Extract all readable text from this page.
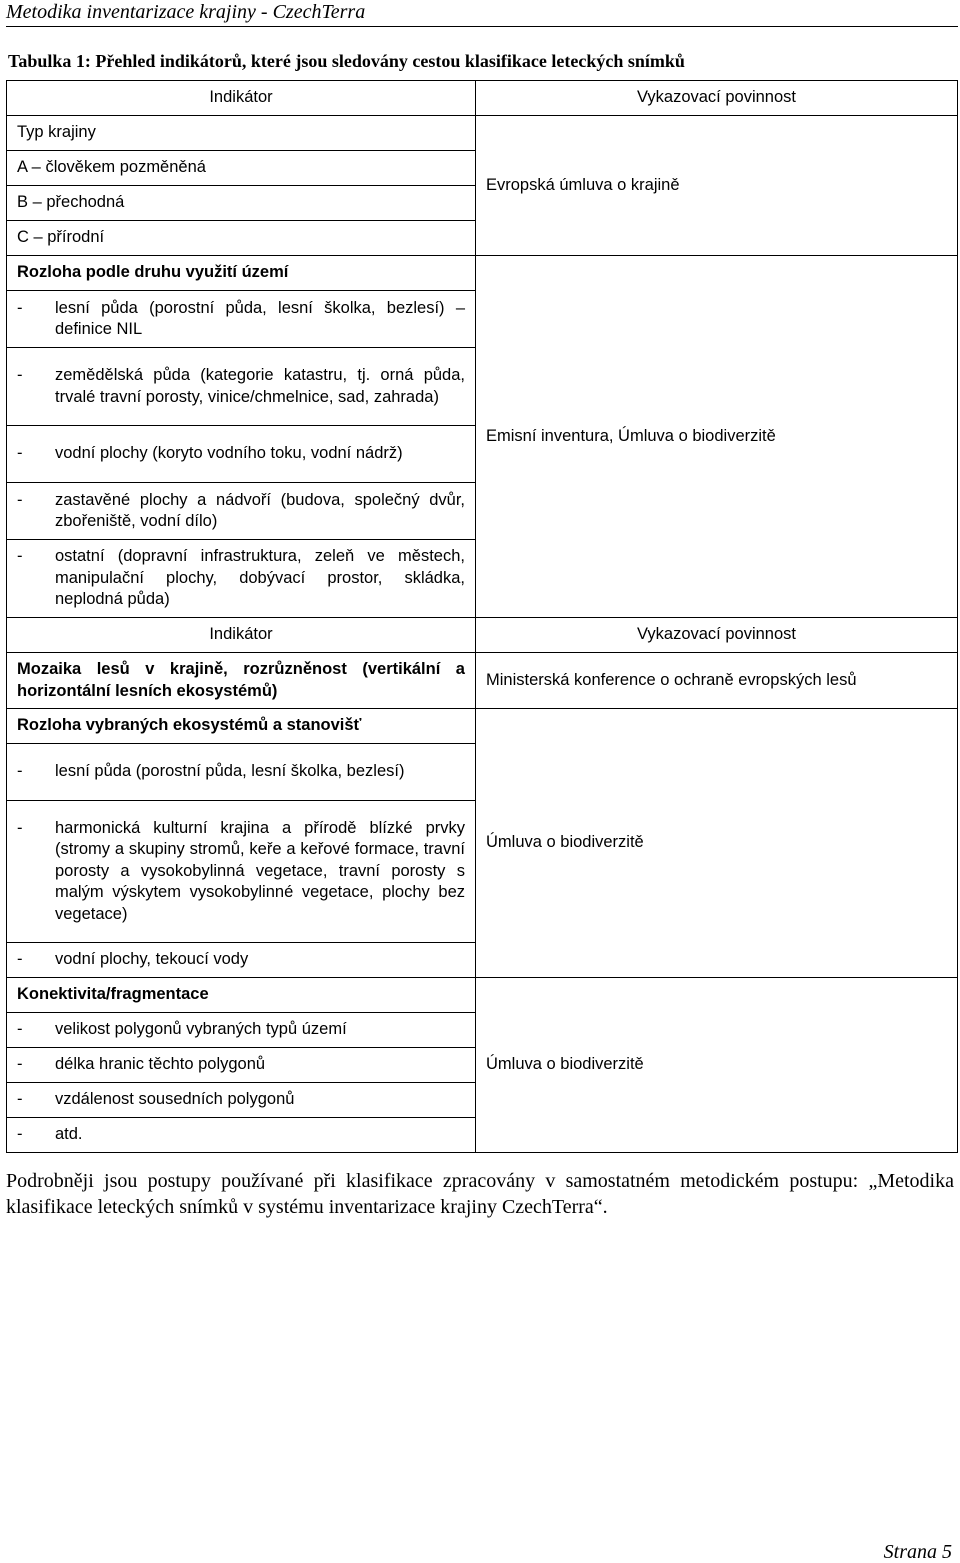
Metodika inventarizace krajiny - CzechTerra
Tabulka 1: Přehled indikátorů, které jsou sledovány cestou klasifikace leteckých snímků
Indikátor	Vykazovací povinnost
Typ krajiny	Evropská úmluva o krajině
A – člověkem pozměněná	
B – přechodná	
C – přírodní	
Rozloha podle druhu využití území	Emisní inventura, Úmluva o biodiverzitě

- lesní půda (porostní půda, lesní školka, bezlesí) – definice NIL	

- zemědělská půda (kategorie katastru, tj. orná půda, trvalé travní porosty, vinice/chmelnice, sad, zahrada)	

- vodní plochy (koryto vodního toku, vodní nádrž)	

- zastavěné plochy a nádvoří (budova, společný dvůr, zbořeniště, vodní dílo)	

- ostatní (dopravní infrastruktura, zeleň ve městech, manipulační plochy, dobývací prostor, skládka, neplodná půda)	

Indikátor	Vykazovací povinnost
Mozaika lesů v krajině, rozrůzněnost (vertikální a horizontální lesních ekosystémů)	Ministerská konference o ochraně evropských lesů
Rozloha vybraných ekosystémů a stanovišť	Úmluva o biodiverzitě

- lesní půda (porostní půda, lesní školka, bezlesí)	

- harmonická kulturní krajina a přírodě blízké prvky (stromy a skupiny stromů, keře a keřové formace, travní porosty a vysokobylinná vegetace, travní porosty s malým výskytem vysokobylinné vegetace, plochy bez vegetace)	

- vodní plochy, tekoucí vody	

Konektivita/fragmentace	Úmluva o biodiverzitě

- velikost polygonů vybraných typů území	

- délka hranic těchto polygonů	

- vzdálenost sousedních polygonů	

- atd.	
Podrobněji jsou postupy používané při klasifikace zpracovány v samostatném metodickém postupu: „Metodika klasifikace leteckých snímků v systému inventarizace krajiny CzechTerra“.
Strana 5
